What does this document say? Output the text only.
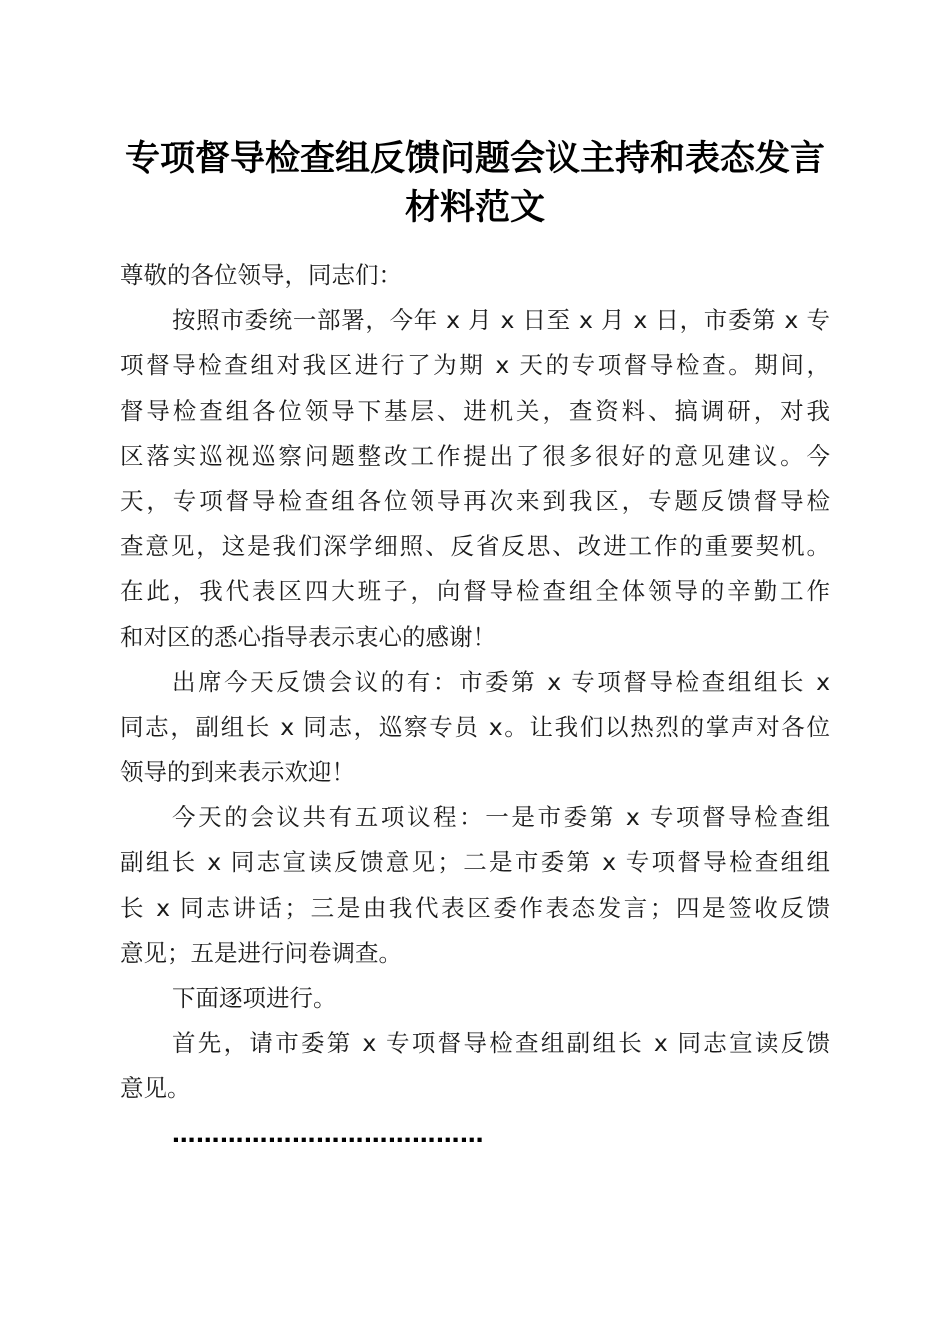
专项督导检查组反馈问题会议主持和表态发言
材料范文
尊敬的各位领导，同志们：
按照市委统一部署，今年 x 月 x 日至 x 月 x 日，市委第 x 专
项督导检查组对我区进行了为期 x 天的专项督导检查。期间，
督导检查组各位领导下基层、进机关，查资料、搞调研，对我
区落实巡视巡察问题整改工作提出了很多很好的意见建议。今
天，专项督导检查组各位领导再次来到我区，专题反馈督导检
查意见，这是我们深学细照、反省反思、改进工作的重要契机。
在此，我代表区四大班子，向督导检查组全体领导的辛勤工作
和对区的悉心指导表示衷心的感谢！
出席今天反馈会议的有：市委第 x 专项督导检查组组长 x
同志，副组长 x 同志，巡察专员 x。让我们以热烈的掌声对各位
领导的到来表示欢迎！
今天的会议共有五项议程：一是市委第 x 专项督导检查组
副组长 x 同志宣读反馈意见；二是市委第 x 专项督导检查组组
长 x 同志讲话；三是由我代表区委作表态发言；四是签收反馈
意见；五是进行问卷调查。
下面逐项进行。
首先，请市委第 x 专项督导检查组副组长 x 同志宣读反馈
意见。
…………………………………
